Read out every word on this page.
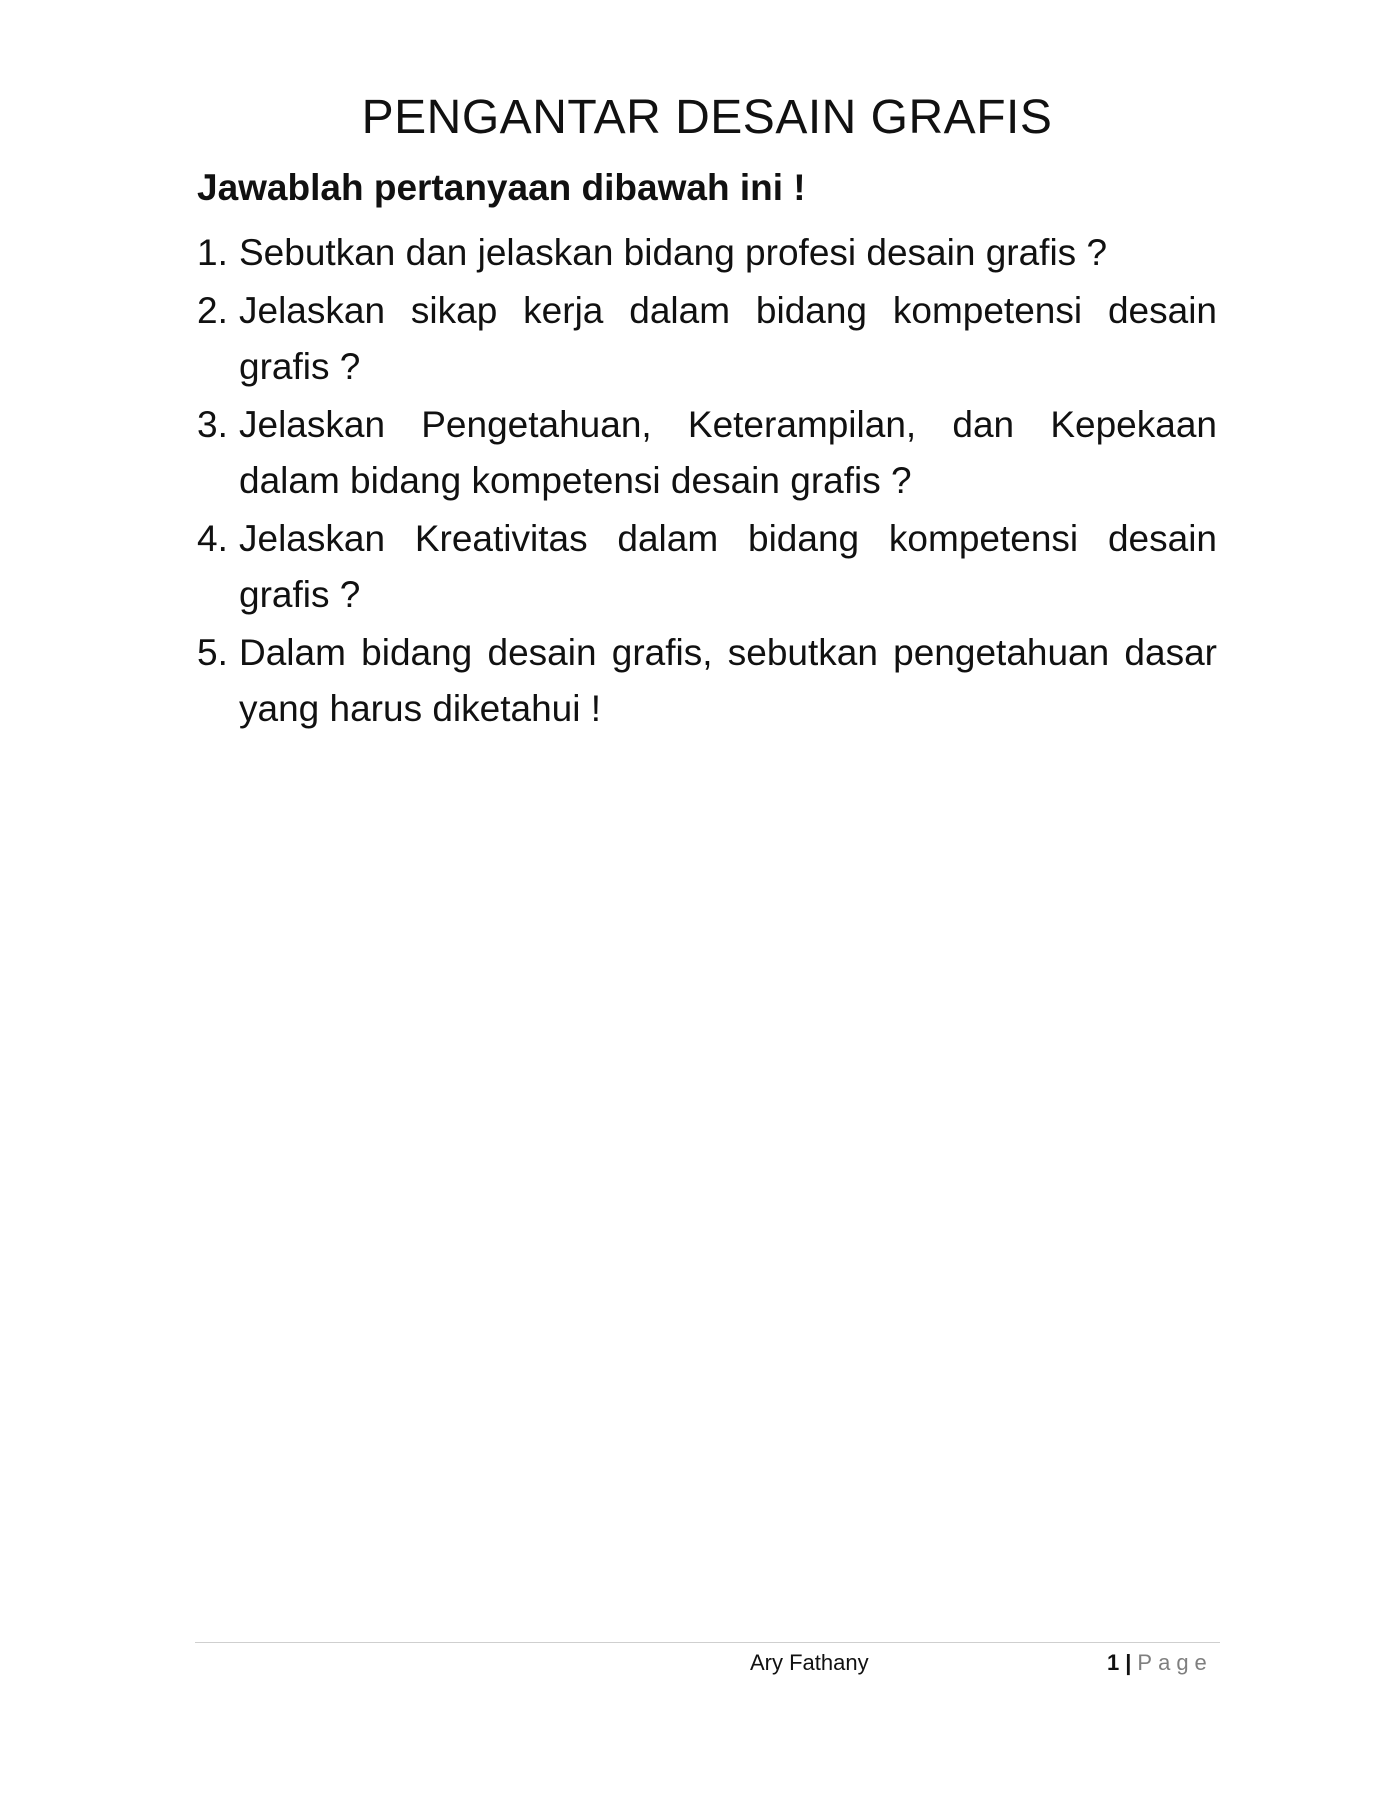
PENGANTAR DESAIN GRAFIS
Jawablah pertanyaan dibawah ini !
1. Sebutkan dan jelaskan bidang profesi desain grafis ?
2. Jelaskan sikap kerja dalam bidang kompetensi desain grafis ?
3. Jelaskan Pengetahuan, Keterampilan, dan Kepekaan dalam bidang kompetensi desain grafis ?
4. Jelaskan Kreativitas dalam bidang kompetensi desain grafis ?
5. Dalam bidang desain grafis, sebutkan pengetahuan dasar yang harus diketahui !
Ary Fathany	1 | Page
